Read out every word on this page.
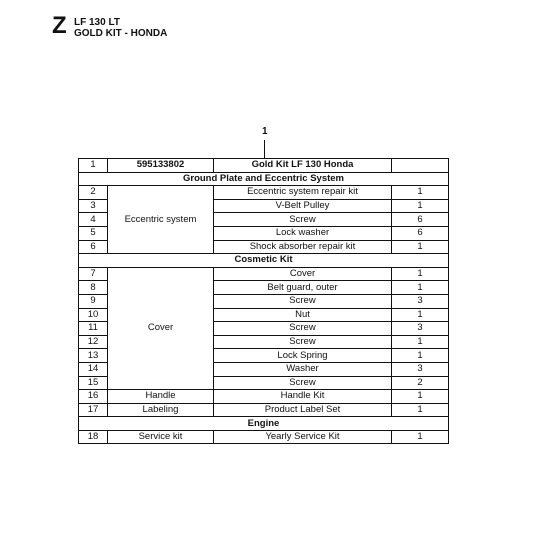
Z LF 130 LT
GOLD KIT - HONDA
1
1	595133802	Gold Kit LF 130 Honda	
Ground Plate and Eccentric System			
2	Eccentric system	Eccentric system repair kit	1
3		V-Belt Pulley	1
4		Screw	6
5		Lock washer	6
6		Shock absorber repair kit	1
Cosmetic Kit			
7	Cover	Cover	1
8		Belt guard, outer	1
9		Screw	3
10		Nut	1
11		Screw	3
12		Screw	1
13		Lock Spring	1
14		Washer	3
15		Screw	2
16	Handle	Handle Kit	1
17	Labeling	Product Label Set	1
Engine			
18	Service kit	Yearly Service Kit	1
